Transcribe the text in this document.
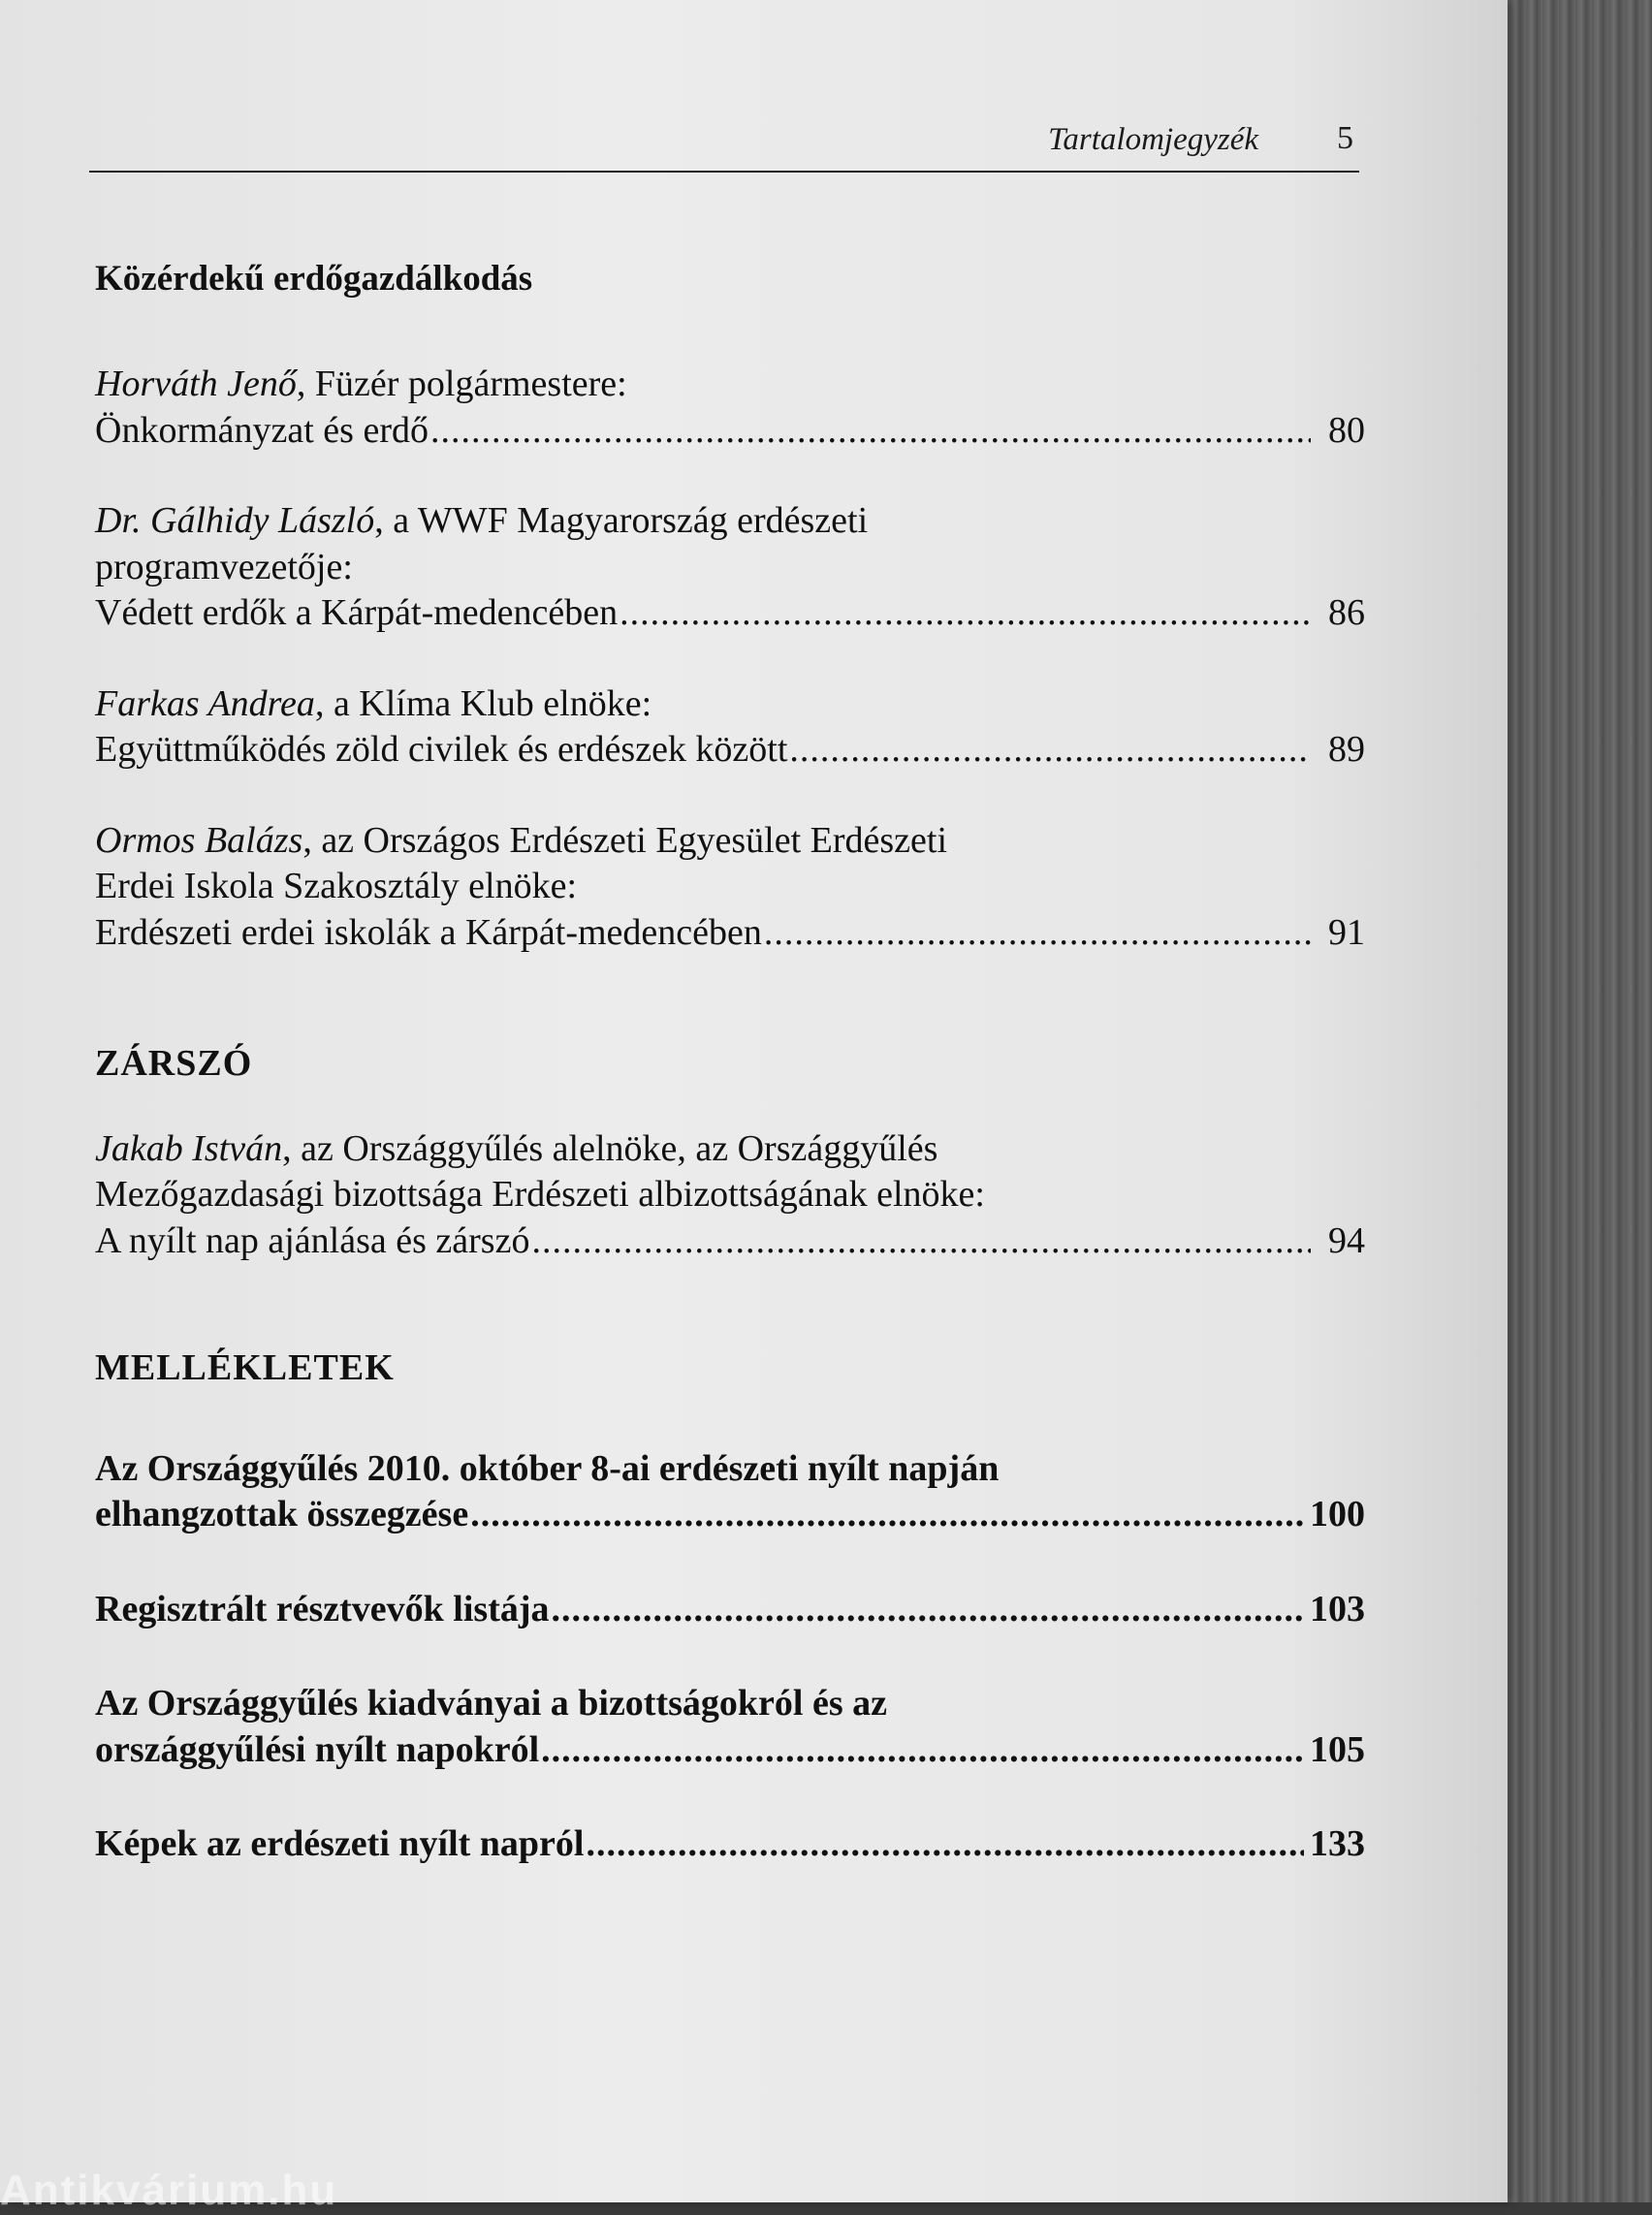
Tartalomjegyzék 5

Közérdekű erdőgazdálkodás

Horváth Jenő, Füzér polgármestere:

Önkormányzat és erdő .....	80

Dr. Gálhidy László, a WWF Magyarország erdészeti

programvezetője:

Védett erdők a Kárpát-medencében .....	86

Farkas Andrea, a Klíma Klub elnöke:

Együttműködés zöld civilek és erdészek között .....	89

Ormos Balázs, az Országos Erdészeti Egyesület Erdészeti

Erdei Iskola Szakosztály elnöke:

Erdészeti erdei iskolák a Kárpát-medencében .....	91

ZÁRSZÓ

Jakab István, az Országgyűlés alelnöke, az Országgyűlés

Mezőgazdasági bizottsága Erdészeti albizottságának elnöke:

A nyílt nap ajánlása és zárszó .....	94

MELLÉKLETEK

Az Országgyűlés 2010. október 8-ai erdészeti nyílt napján

elhangzottak összegzése .....	100

Regisztrált résztvevők listája .....	103

Az Országgyűlés kiadványai a bizottságokról és az

országgyűlési nyílt napokról .....	105

Képek az erdészeti nyílt napról .....	133

Antikvárium.hu
